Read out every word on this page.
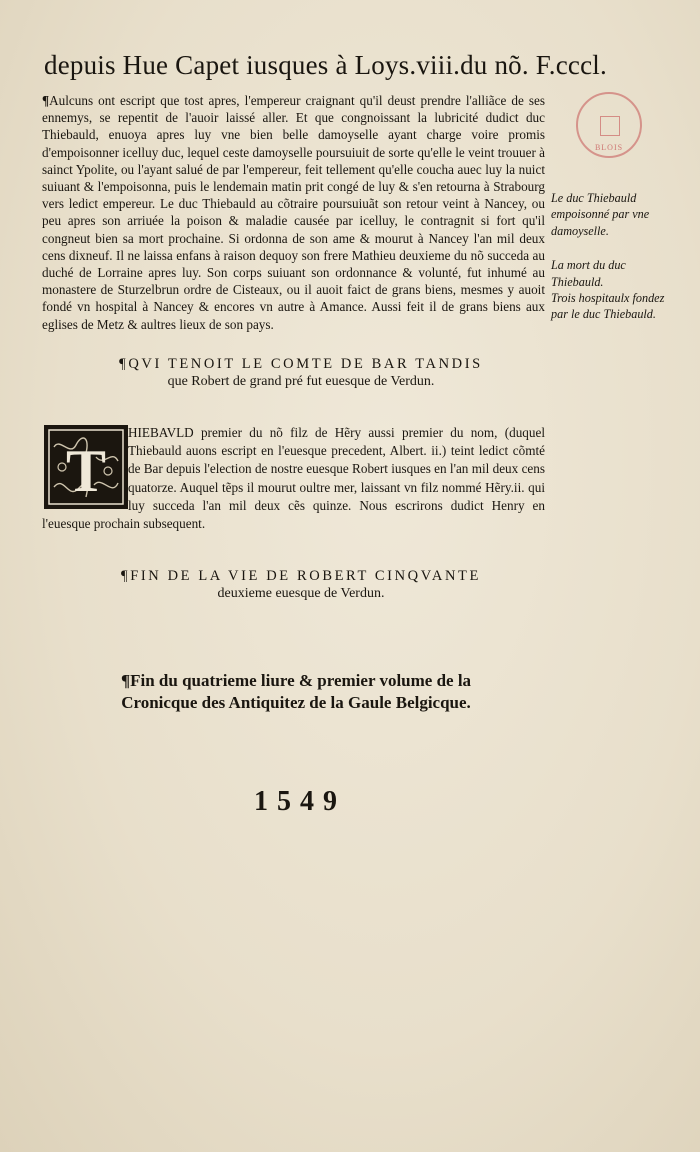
depuis Hue Capet iusques à Loys.viii.du nõ. F.cccl.
BLOIS

¶Aulcuns ont escript que tost apres, l'empereur craignant qu'il deust prendre l'alliãce de ses ennemys, se repentit de l'auoir laissé aller. Et que congnoissant la lubricité dudict duc Thiebauld, enuoya apres luy vne bien belle damoyselle ayant charge voire promis d'empoisonner icelluy duc, lequel ceste damoyselle poursuiuit de sorte qu'elle le veint trouuer à sainct Ypolite, ou l'ayant salué de par l'empereur, feit tellement qu'elle coucha auec luy la nuict suiuant & l'empoisonna, puis le lendemain matin prit congé de luy & s'en retourna à Strabourg vers ledict empereur. Le duc Thiebauld au cõtraire poursuiuãt son retour veint à Nancey, ou peu apres son arriuée la poison & maladie causée par icelluy, le contragnit si fort qu'il congneut bien sa mort prochaine. Si ordonna de son ame & mourut à Nancey l'an mil deux cens dixneuf. Il ne laissa enfans à raison dequoy son frere Mathieu deuxieme du nõ succeda au duché de Lorraine apres luy. Son corps suiuant son ordonnance & volunté, fut inhumé au monastere de Sturzelbrun ordre de Cisteaux, ou il auoit faict de grans biens, mesmes y auoit fondé vn hospital à Nancey & encores vn autre à Amance. Aussi feit il de grans biens aux eglises de Metz & aultres lieux de son pays.

Le duc Thiebauld empoisonné par vne damoyselle.

La mort du duc Thiebauld.

Trois hospitaulx fondez par le duc Thiebauld.

¶QVI TENOIT LE COMTE DE BAR TANDIS
que Robert de grand pré fut euesque de Verdun.

HIEBAVLD premier du nõ filz de Hẽry aussi premier du nom, (duquel Thiebauld auons escript en l'euesque precedent, Albert. ii.) teint ledict cõmté de Bar depuis l'election de nostre euesque Robert iusques en l'an mil deux cens quatorze. Auquel tẽps il mourut oultre mer, laissant vn filz nommé Hẽry.ii. qui luy succeda l'an mil deux cẽs quinze. Nous escrirons dudict Henry en l'euesque prochain subsequent.

T
¶FIN DE LA VIE DE ROBERT CINQVANTE
deuxieme euesque de Verdun.
¶Fin du quatrieme liure & premier volume de la Cronicque des Antiquitez de la Gaule Belgicque.
1549
